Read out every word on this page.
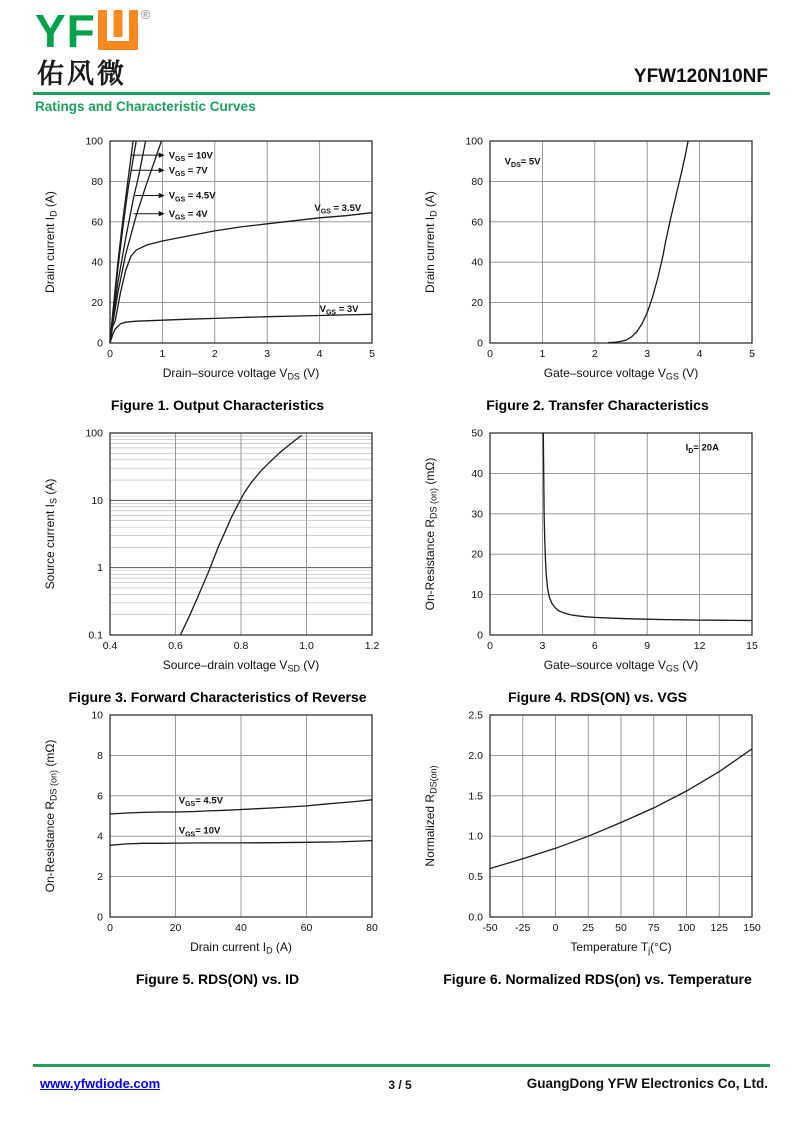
YF	®
佑风微	YFW120N10NF
Ratings and Characteristic Curves
0	1	2	3	4	5
0
20
40
60
80
100
Drain–source voltage $V_{DS}$ (V)
Drain current $I_D$ (A)
$V_{GS} = 10V$
$V_{GS} = 7V$
$V_{GS} = 4.5V$
$V_{GS} = 4V$
$V_{GS} = 3.5V$
$V_{GS} = 3V$
Figure 1. Output Characteristics
0	1	2	3	4	5
0
20
40
60
80
100
Gate–source voltage $V_{GS}$ (V)
Drain current $I_D$ (A)
$V_{DS}= 5V$
Figure 2. Transfer Characteristics
0.4	0.6	0.8	1.0	1.2
0.1
1
10
100
Source–drain voltage $V_{SD}$ (V)
Source current $I_S$ (A)
Figure 3. Forward Characteristics of Reverse
0	3	6	9	12	15
0
10
20
30
40
50
Gate–source voltage $V_{GS}$ (V)
On-Resistance $R_{DS (on)}$ (mΩ)
$I_D= 20A$
Figure 4. RDS(ON) vs. VGS
0	20	40	60	80
0
2
4
6
8
10
Drain current $I_D$ (A)
On-Resistance $R_{DS (on)}$ (mΩ)
$V_{GS}= 4.5V$
$V_{GS}= 10V$
Figure 5. RDS(ON) vs. ID
-50 -25 0 25 50 75 100 125 150
0.0
0.5
1.0
1.5
2.0
2.5
Temperature $T_j(^\circ C)$
Normalized $R_{DS(on)}$
Figure 6. Normalized RDS(on) vs. Temperature
www.yfwdiode.com	3 / 5	GuangDong YFW Electronics Co, Ltd.
